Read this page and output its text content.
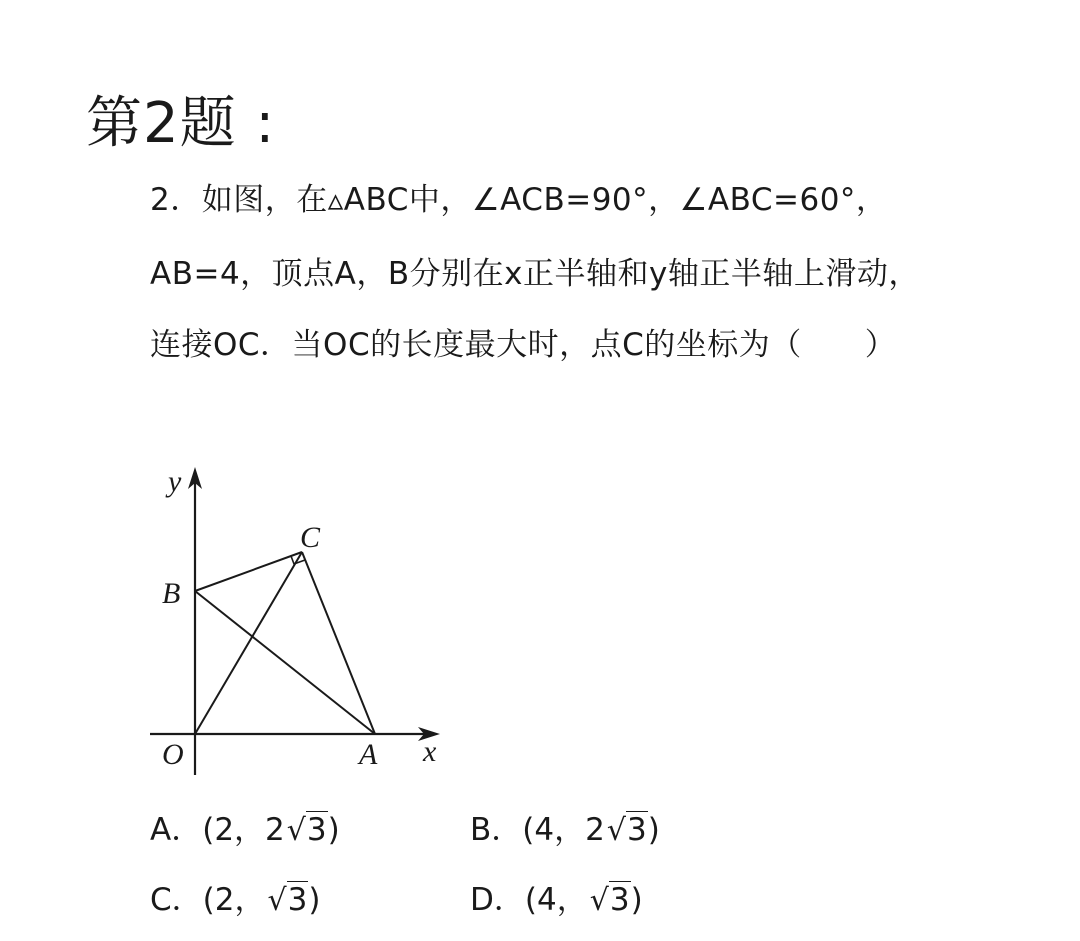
第2题 :
2．如图，在▵ABC中，∠ACB=90°，∠ABC=60°，
AB=4，顶点A，B分别在x正半轴和y轴正半轴上滑动，
连接OC．当OC的长度最大时，点C的坐标为（　　）
y
x
O	A
B
C
A．(2，2√3)	B．(4，2√3)
C．(2，√3)	D．(4，√3)
